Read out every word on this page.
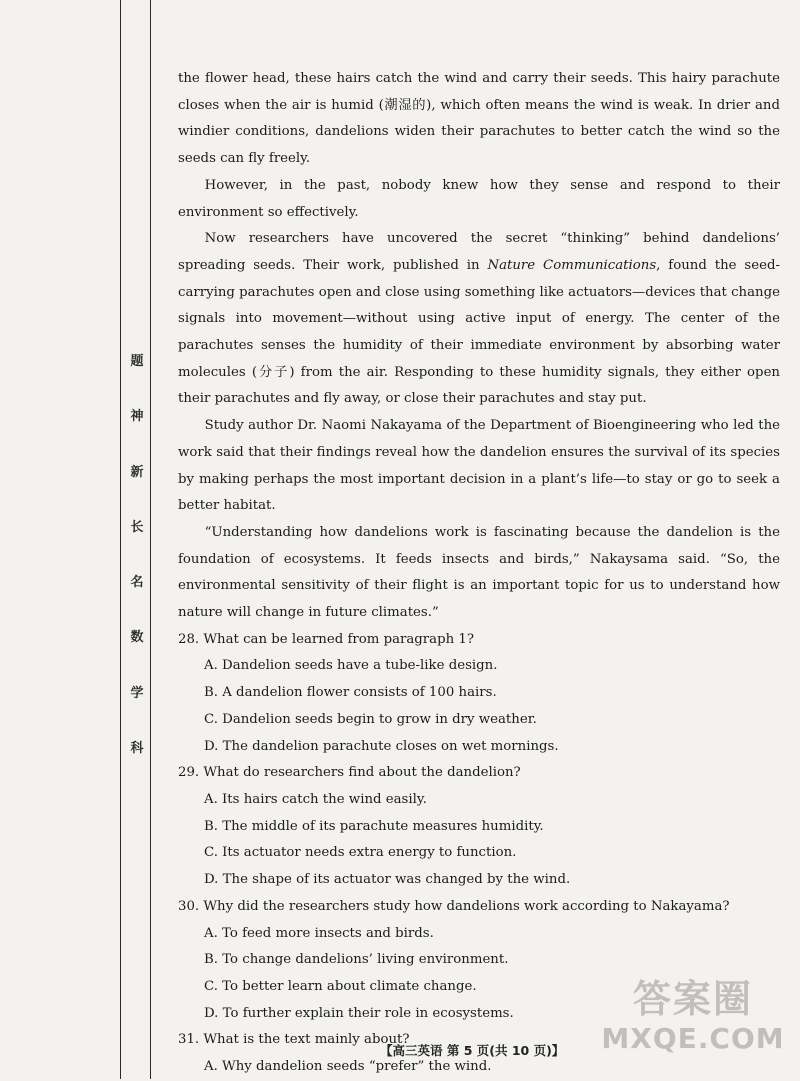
题
神
新
长
名
数
学
科

the flower head, these hairs catch the wind and carry their seeds. This hairy parachute closes when the air is humid (潮湿的), which often means the wind is weak. In drier and windier conditions, dandelions widen their parachutes to better catch the wind so the seeds can fly freely.

However, in the past, nobody knew how they sense and respond to their environment so effectively.

Now researchers have uncovered the secret “thinking” behind dandelions’ spreading seeds. Their work, published in Nature Communications, found the seed-carrying parachutes open and close using something like actuators—devices that change signals into movement—without using active input of energy. The center of the parachutes senses the humidity of their immediate environment by absorbing water molecules (分子) from the air. Responding to these humidity signals, they either open their parachutes and fly away, or close their parachutes and stay put.

Study author Dr. Naomi Nakayama of the Department of Bioengineering who led the work said that their findings reveal how the dandelion ensures the survival of its species by making perhaps the most important decision in a plant’s life—to stay or go to seek a better habitat.

“Understanding how dandelions work is fascinating because the dandelion is the foundation of ecosystems. It feeds insects and birds,” Nakaysama said. “So, the environmental sensitivity of their flight is an important topic for us to understand how nature will change in future climates.”

28. What can be learned from paragraph 1?
A. Dandelion seeds have a tube-like design.
B. A dandelion flower consists of 100 hairs.
C. Dandelion seeds begin to grow in dry weather.
D. The dandelion parachute closes on wet mornings.
29. What do researchers find about the dandelion?
A. Its hairs catch the wind easily.
B. The middle of its parachute measures humidity.
C. Its actuator needs extra energy to function.
D. The shape of its actuator was changed by the wind.
30. Why did the researchers study how dandelions work according to Nakayama?
A. To feed more insects and birds.
B. To change dandelions’ living environment.
C. To better learn about climate change.
D. To further explain their role in ecosystems.
31. What is the text mainly about?
A. Why dandelion seeds “prefer” the wind.
【高三英语 第 5 页(共 10 页)】
答案圈
MXQE.COM
